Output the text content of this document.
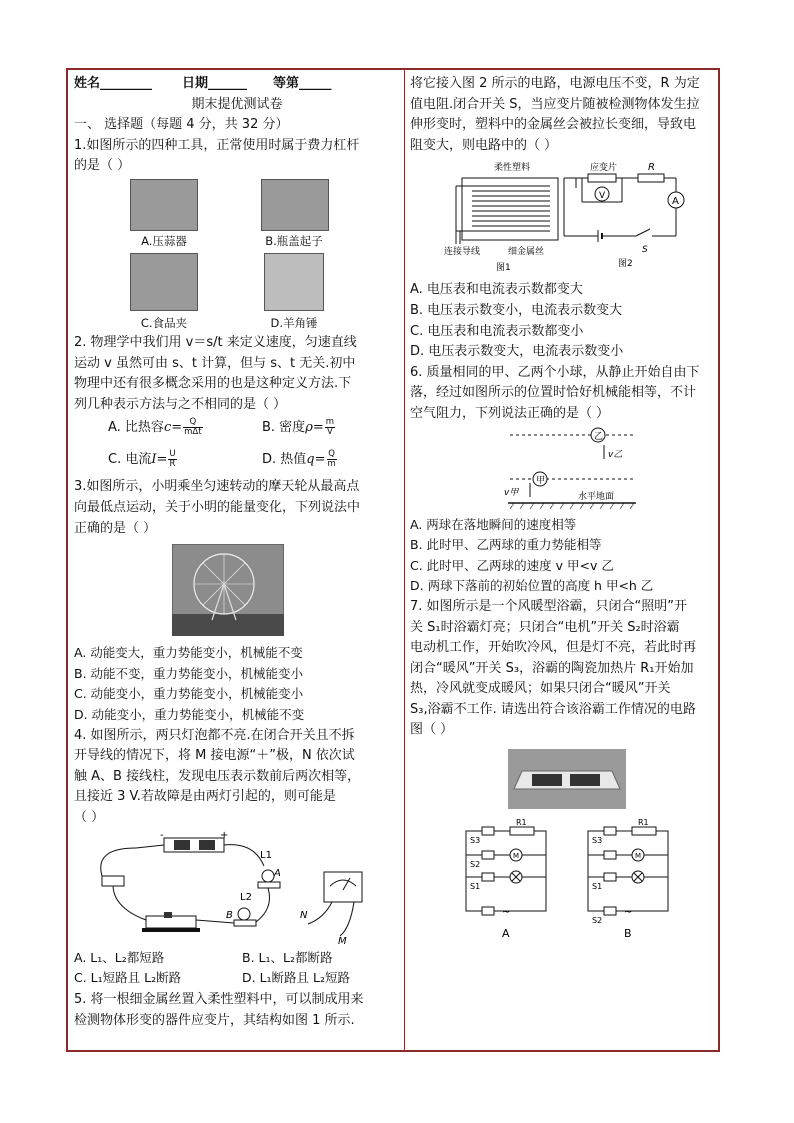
姓名________ 日期______ 等第_____
期末提优测试卷
一、 选择题（每题 4 分，共 32 分）
1.如图所示的四种工具，正常使用时属于费力杠杆
的是（ ）
A.压蒜器	B.瓶盖起子
C.食品夹	D.羊角锤
2. 物理学中我们用 v＝s/t 来定义速度，匀速直线
运动 v 虽然可由 s、t 计算，但与 s、t 无关.初中
物理中还有很多概念采用的也是这种定义方法.下
列几种表示方法与之不相同的是（ ）
A. 比热容$c= \frac{Q}{\text{mΔt}}$	B. 密度$\rho= \frac{m}{V}$
C. 电流$I= \frac{U}{R}$	D. 热值$q= \frac{Q}{m}$
3.如图所示，小明乘坐匀速转动的摩天轮从最高点
向最低点运动，关于小明的能量变化，下列说法中
正确的是（ ）
A. 动能变大，重力势能变小，机械能不变
B. 动能不变，重力势能变小，机械能变小
C. 动能变小，重力势能变小，机械能变小
D. 动能变小，重力势能变小，机械能不变
4. 如图所示，两只灯泡都不亮.在闭合开关且不拆
开导线的情况下，将 M 接电源“＋”极，N 依次试
触 A、B 接线柱，发现电压表示数前后两次相等，
且接近 3 V.若故障是由两灯引起的，则可能是
（ ）
-	+
L1
A
L2
B	N
M
A. L₁、L₂都短路	B. L₁、L₂都断路
C. L₁短路且 L₂断路	D. L₁断路且 L₂短路
5. 将一根细金属丝置入柔性塑料中，可以制成用来
检测物体形变的器件应变片，其结构如图 1 所示.
将它接入图 2 所示的电路，电源电压不变，R 为定
值电阻.闭合开关 S，当应变片随被检测物体发生拉
伸形变时，塑料中的金属丝会被拉长变细，导致电
阻变大，则电路中的（ ）
柔性塑料
连接导线	细金属丝
图1
应变片	R
A
V
S
图2
A. 电压表和电流表示数都变大
B. 电压表示数变小，电流表示数变大
C. 电压表和电流表示数都变小
D. 电压表示数变大，电流表示数变小
6. 质量相同的甲、乙两个小球，从静止开始自由下
落，经过如图所示的位置时恰好机械能相等，不计
空气阻力，下列说法正确的是（ ）
乙
v乙
甲
v甲	水平地面
A. 两球在落地瞬间的速度相等
B. 此时甲、乙两球的重力势能相等
C. 此时甲、乙两球的速度 v 甲<v 乙
D. 两球下落前的初始位置的高度 h 甲<h 乙
7. 如图所示是一个风暖型浴霸，只闭合“照明”开
关 S₁时浴霸灯亮；只闭合“电机”开关 S₂时浴霸
电动机工作，开始吹冷风，但是灯不亮，若此时再
闭合“暖风”开关 S₃，浴霸的陶瓷加热片 R₁开始加
热，冷风就变成暖风；如果只闭合“暖风”开关
S₃,浴霸不工作. 请选出符合该浴霸工作情况的电路
图（ ）
R1
S3
S2
S1
M
~
A
R1
S3
S1
S2
M
~
B
